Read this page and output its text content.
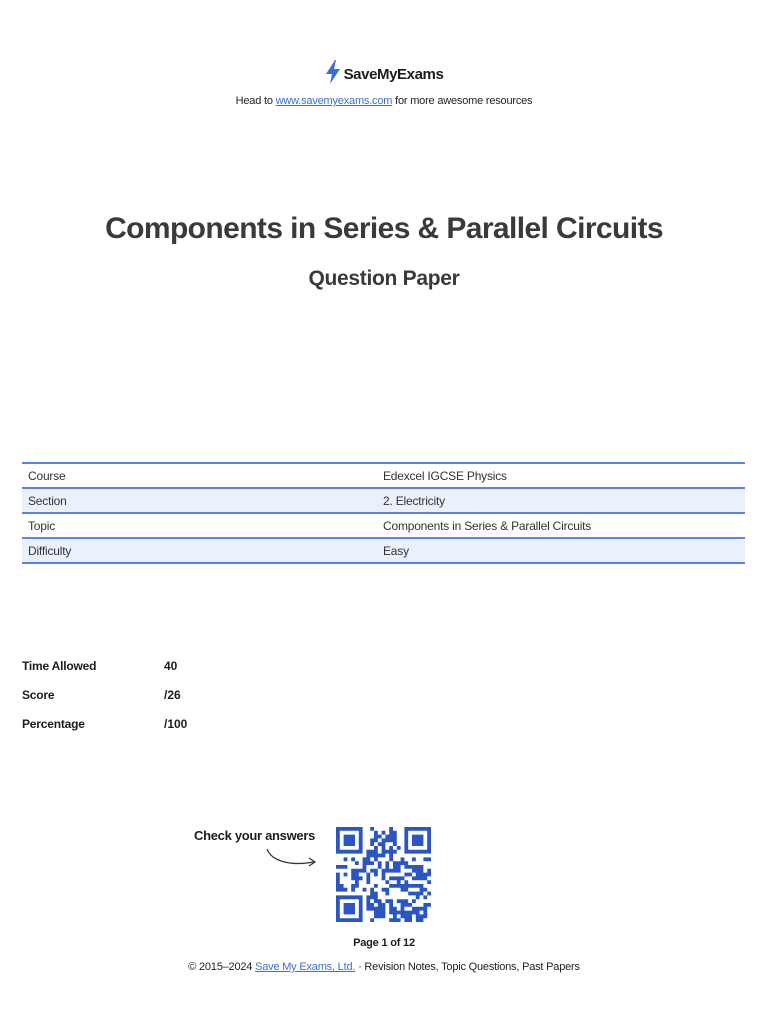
SaveMyExams
Head to www.savemyexams.com for more awesome resources
Components in Series & Parallel Circuits
Question Paper
Course	Edexcel IGCSE Physics
Section	2. Electricity
Topic	Components in Series & Parallel Circuits
Difficulty	Easy
Time Allowed	40
Score	/26
Percentage	/100
Check your answers
Page 1 of 12
© 2015–2024 Save My Exams, Ltd. · Revision Notes, Topic Questions, Past Papers
